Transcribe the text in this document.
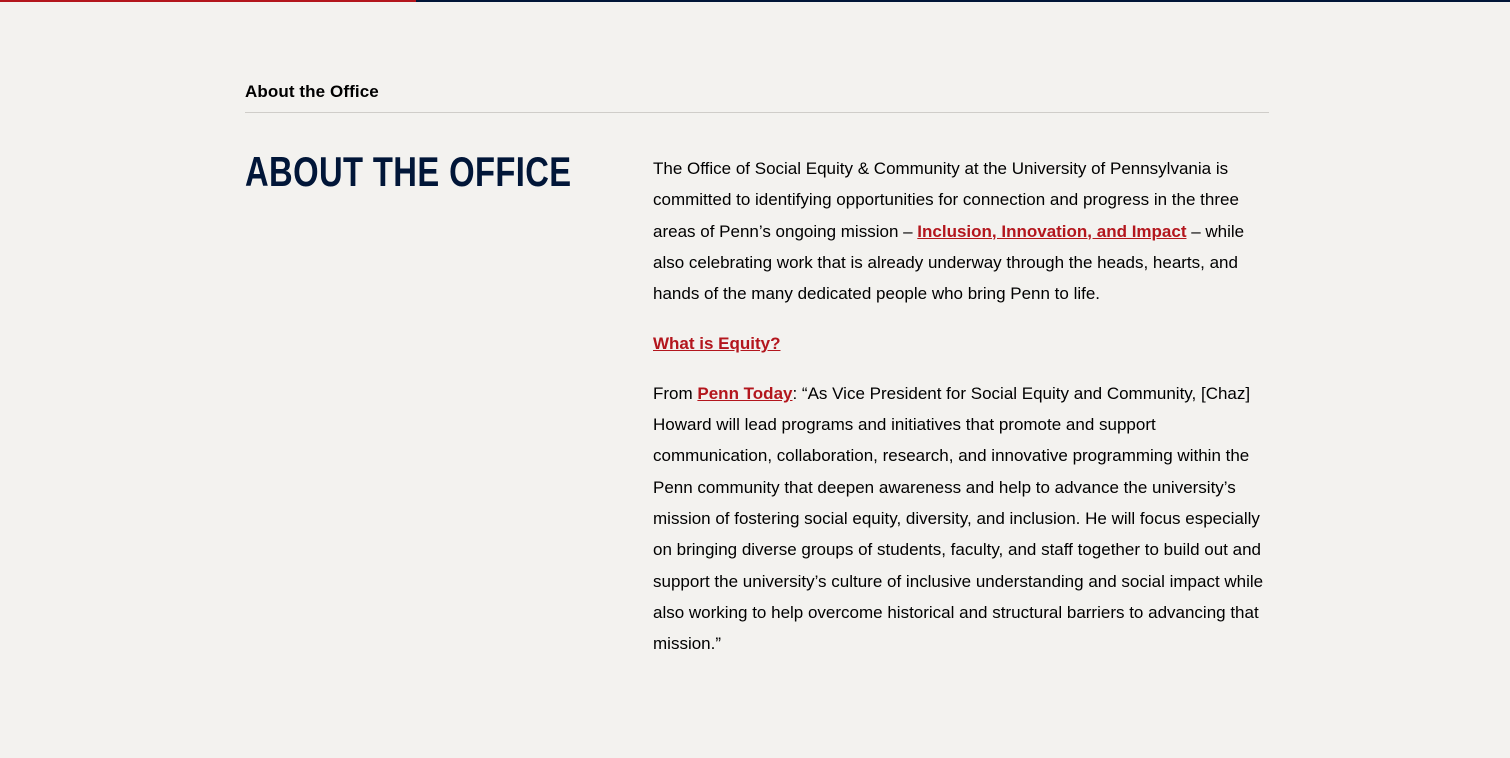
About the Office
ABOUT THE OFFICE	The Office of Social Equity & Community at the University of Pennsylvania is committed to identifying opportunities for connection and progress in the three areas of Penn’s ongoing mission – Inclusion, Innovation, and Impact – while also celebrating work that is already underway through the heads, hearts, and hands of the many dedicated people who bring Penn to life.

What is Equity?

From Penn Today: “As Vice President for Social Equity and Community, [Chaz] Howard will lead programs and initiatives that promote and support communication, collaboration, research, and innovative programming within the Penn community that deepen awareness and help to advance the university’s mission of fostering social equity, diversity, and inclusion. He will focus especially on bringing diverse groups of students, faculty, and staff together to build out and support the university’s culture of inclusive understanding and social impact while also working to help overcome historical and structural barriers to advancing that mission.”
